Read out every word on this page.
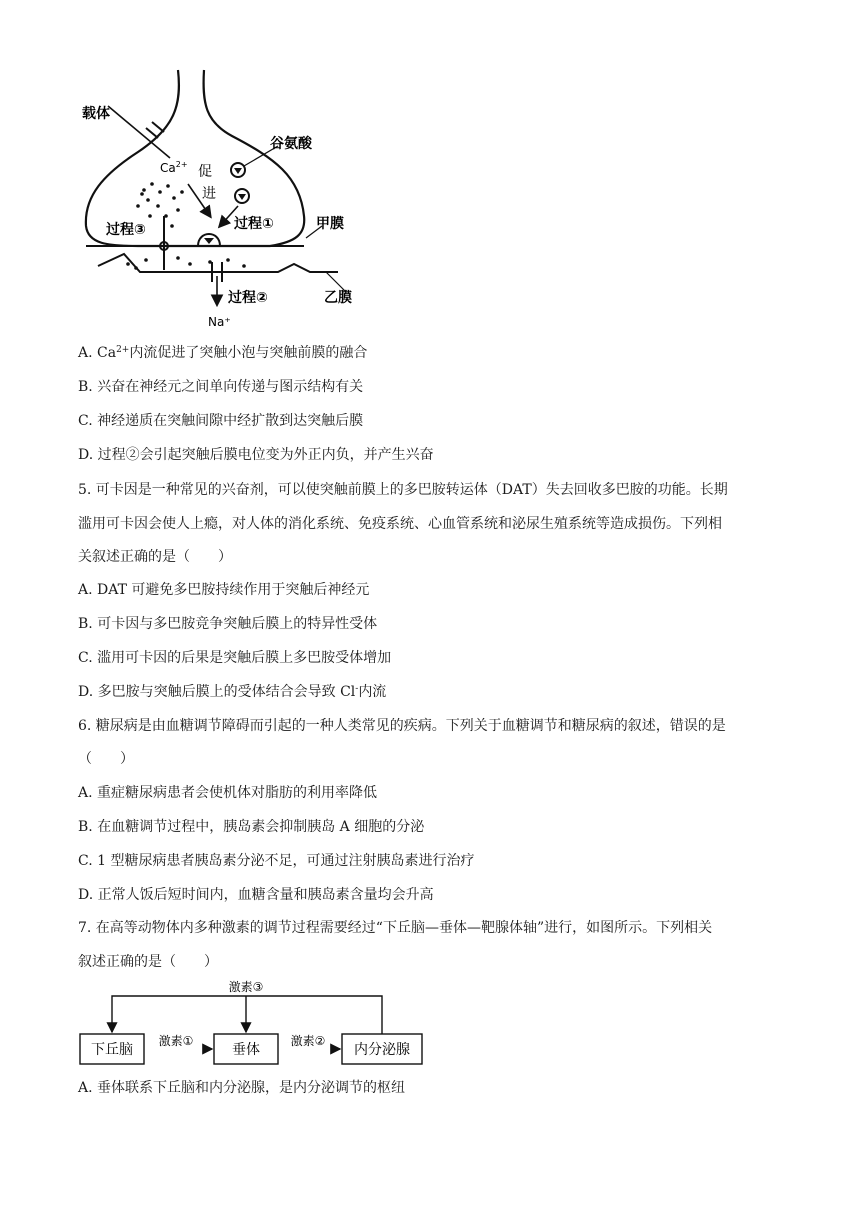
载体
谷氨酸
$Ca^{2+}$ 促
进
过程①
过程③	甲膜
过程②	乙膜
Na⁺
A. $Ca^{2+}$内流促进了突触小泡与突触前膜的融合
B. 兴奋在神经元之间单向传递与图示结构有关
C. 神经递质在突触间隙中经扩散到达突触后膜
D. 过程②会引起突触后膜电位变为外正内负，并产生兴奋
5. 可卡因是一种常见的兴奋剂，可以使突触前膜上的多巴胺转运体（DAT）失去回收多巴胺的功能。长期
滥用可卡因会使人上瘾，对人体的消化系统、免疫系统、心血管系统和泌尿生殖系统等造成损伤。下列相
关叙述正确的是（　　）
A. DAT 可避免多巴胺持续作用于突触后神经元
B. 可卡因与多巴胺竞争突触后膜上的特异性受体
C. 滥用可卡因的后果是突触后膜上多巴胺受体增加
D. 多巴胺与突触后膜上的受体结合会导致 Cl-内流
6. 糖尿病是由血糖调节障碍而引起的一种人类常见的疾病。下列关于血糖调节和糖尿病的叙述，错误的是
（　　）
A. 重症糖尿病患者会使机体对脂肪的利用率降低
B. 在血糖调节过程中，胰岛素会抑制胰岛 A 细胞的分泌
C. 1 型糖尿病患者胰岛素分泌不足，可通过注射胰岛素进行治疗
D. 正常人饭后短时间内，血糖含量和胰岛素含量均会升高
7. 在高等动物体内多种激素的调节过程需要经过“下丘脑—垂体—靶腺体轴”进行，如图所示。下列相关
叙述正确的是（　　）
下丘脑	垂体	内分泌腺
激素①	激素②
激素③
A. 垂体联系下丘脑和内分泌腺，是内分泌调节的枢纽
